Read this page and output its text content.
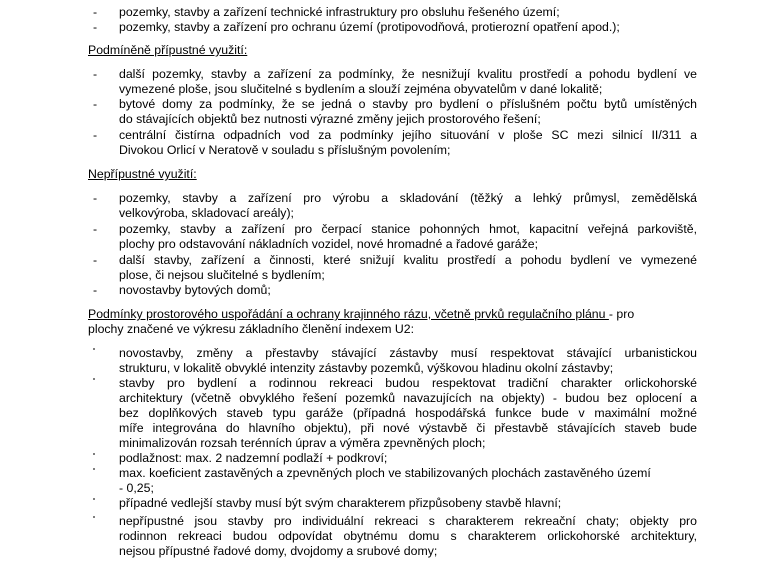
- pozemky, stavby a zařízení technické infrastruktury pro obsluhu řešeného území;
- pozemky, stavby a zařízení pro ochranu území (protipovodňová, protierozní opatření apod.);
Podmíněně přípustné využití:
- další pozemky, stavby a zařízení za podmínky, že nesnižují kvalitu prostředí a pohodu bydlení ve
vymezené ploše, jsou slučitelné s bydlením a slouží zejména obyvatelům v dané lokalitě;
- bytové domy za podmínky, že se jedná o stavby pro bydlení o příslušném počtu bytů umístěných
do stávajících objektů bez nutnosti výrazné změny jejich prostorového řešení;
- centrální čistírna odpadních vod za podmínky jejího situování v ploše SC mezi silnicí II/311 a
Divokou Orlicí v Neratově v souladu s příslušným povolením;
Nepřípustné využití:
- pozemky, stavby a zařízení pro výrobu a skladování (těžký a lehký průmysl, zemědělská
velkovýroba, skladovací areály);
- pozemky, stavby a zařízení pro čerpací stanice pohonných hmot, kapacitní veřejná parkoviště,
plochy pro odstavování nákladních vozidel, nové hromadné a řadové garáže;
- další stavby, zařízení a činnosti, které snižují kvalitu prostředí a pohodu bydlení ve vymezené
plose, či nejsou slučitelné s bydlením;
- novostavby bytových domů;
Podmínky prostorového uspořádání a ochrany krajinného rázu, včetně prvků regulačního plánu - pro
plochy značené ve výkresu základního členění indexem U2:
novostavby, změny a přestavby stávající zástavby musí respektovat stávající urbanistickou
strukturu, v lokalitě obvyklé intenzity zástavby pozemků, výškovou hladinu okolní zástavby;
stavby pro bydlení a rodinnou rekreaci budou respektovat tradiční charakter orlickohorské
architektury (včetně obvyklého řešení pozemků navazujících na objekty) - budou bez oplocení a
bez doplňkových staveb typu garáže (případná hospodářská funkce bude v maximální možné
míře integrována do hlavního objektu), při nové výstavbě či přestavbě stávajících staveb bude
minimalizován rozsah terénních úprav a výměra zpevněných ploch;
podlažnost: max. 2 nadzemní podlaží + podkroví;
max. koeficient zastavěných a zpevněných ploch ve stabilizovaných plochách zastavěného území
- 0,25;
případné vedlejší stavby musí být svým charakterem přizpůsobeny stavbě hlavní;
nepřípustné jsou stavby pro individuální rekreaci s charakterem rekreační chaty; objekty pro
rodinnon rekreaci budou odpovídat obytnému domu s charakterem orlickohorské architektury,
nejsou přípustné řadové domy, dvojdomy a srubové domy;
